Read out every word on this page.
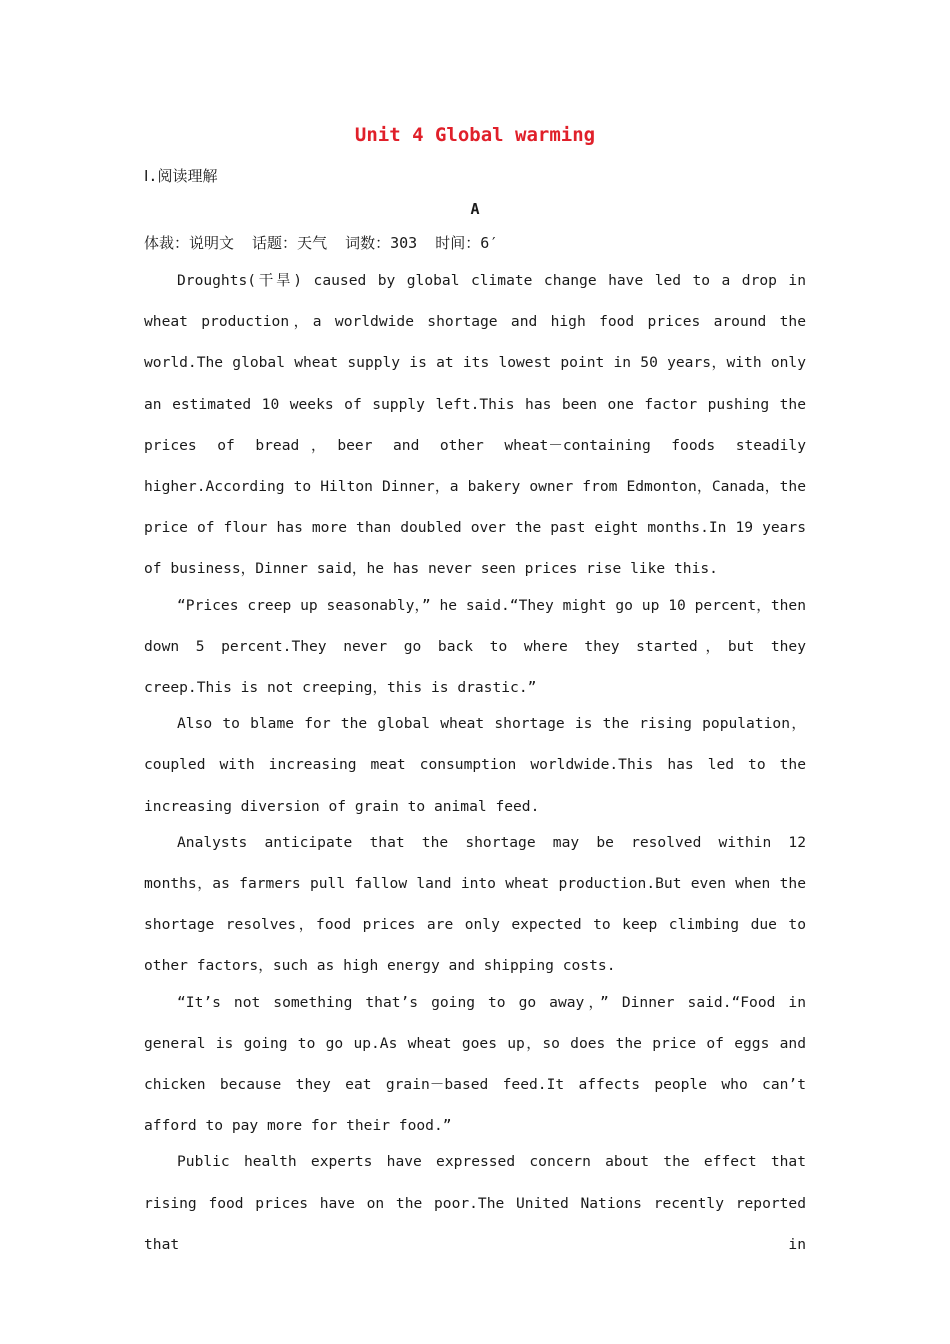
Unit 4 Global warming
Ⅰ.阅读理解
A
体裁：说明文  话题：天气  词数：303  时间：6′

Droughts(干旱) caused by global climate change have led to a drop in wheat production，a worldwide shortage and high food prices around the world.The global wheat supply is at its lowest point in 50 years，with only an estimated 10 weeks of supply left.This has been one factor pushing the prices of bread，beer and other wheat－containing foods steadily higher.According to Hilton Dinner，a bakery owner from Edmonton，Canada，the price of flour has more than doubled over the past eight months.In 19 years of business，Dinner said，he has never seen prices rise like this.

“Prices creep up seasonably，” he said.“They might go up 10 percent，then down 5 percent.They never go back to where they started，but they creep.This is not creeping，this is drastic.”

Also to blame for the global wheat shortage is the rising population，coupled with increasing meat consumption worldwide.This has led to the increasing diversion of grain to animal feed.

Analysts anticipate that the shortage may be resolved within 12 months，as farmers pull fallow land into wheat production.But even when the shortage resolves，food prices are only expected to keep climbing due to other factors，such as high energy and shipping costs.

“It’s not something that’s going to go away，” Dinner said.“Food in general is going to go up.As wheat goes up，so does the price of eggs and chicken because they eat grain－based feed.It affects people who can’t afford to pay more for their food.”

Public health experts have expressed concern about the effect that rising food prices have on the poor.The United Nations recently reported that in
